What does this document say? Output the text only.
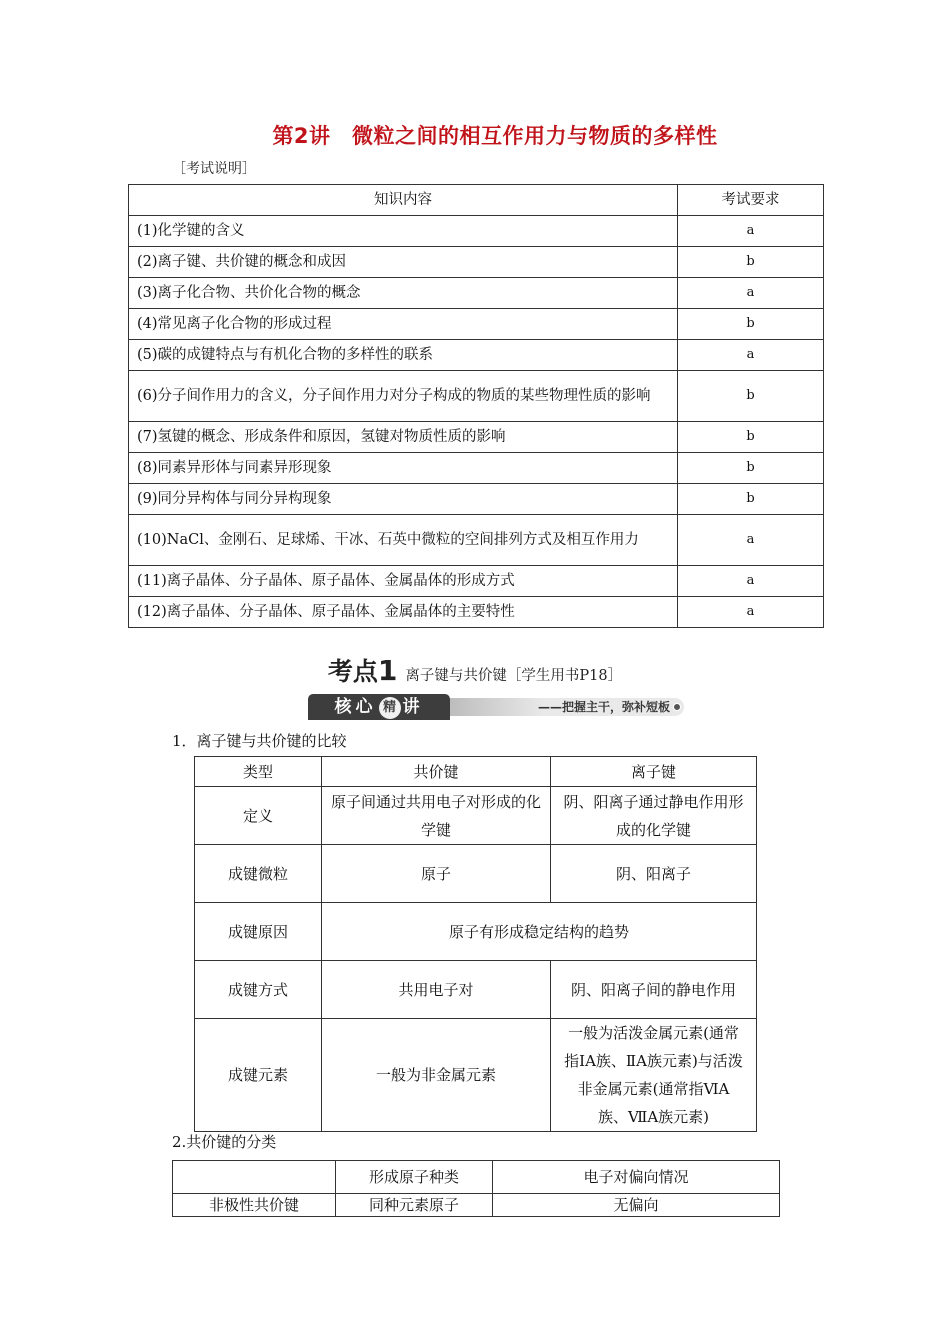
第2讲　微粒之间的相互作用力与物质的多样性
［考试说明］
知识内容	考试要求
(1)化学键的含义	a
(2)离子键、共价键的概念和成因	b
(3)离子化合物、共价化合物的概念	a
(4)常见离子化合物的形成过程	b
(5)碳的成键特点与有机化合物的多样性的联系	a
(6)分子间作用力的含义，分子间作用力对分子构成的物质的某些物理性质的影响	b
(7)氢键的概念、形成条件和原因，氢键对物质性质的影响	b
(8)同素异形体与同素异形现象	b
(9)同分异构体与同分异构现象	b
(10)NaCl、金刚石、足球烯、干冰、石英中微粒的空间排列方式及相互作用力	a
(11)离子晶体、分子晶体、原子晶体、金属晶体的形成方式	a
(12)离子晶体、分子晶体、原子晶体、金属晶体的主要特性	a
考点1 离子键与共价键［学生用书P18］
核心 精 讲	——把握主干，弥补短板
1．离子键与共价键的比较
类型	共价键	离子键
定义	原子间通过共用电子对形成的化学键	阴、阳离子通过静电作用形成的化学键
成键微粒	原子	阴、阳离子
成键原因	原子有形成稳定结构的趋势	
成键方式	共用电子对	阴、阳离子间的静电作用
成键元素	一般为非金属元素	一般为活泼金属元素(通常指ⅠA族、ⅡA族元素)与活泼非金属元素(通常指ⅥA族、ⅦA族元素)
2.共价键的分类
	形成原子种类	电子对偏向情况
非极性共价键	同种元素原子	无偏向
